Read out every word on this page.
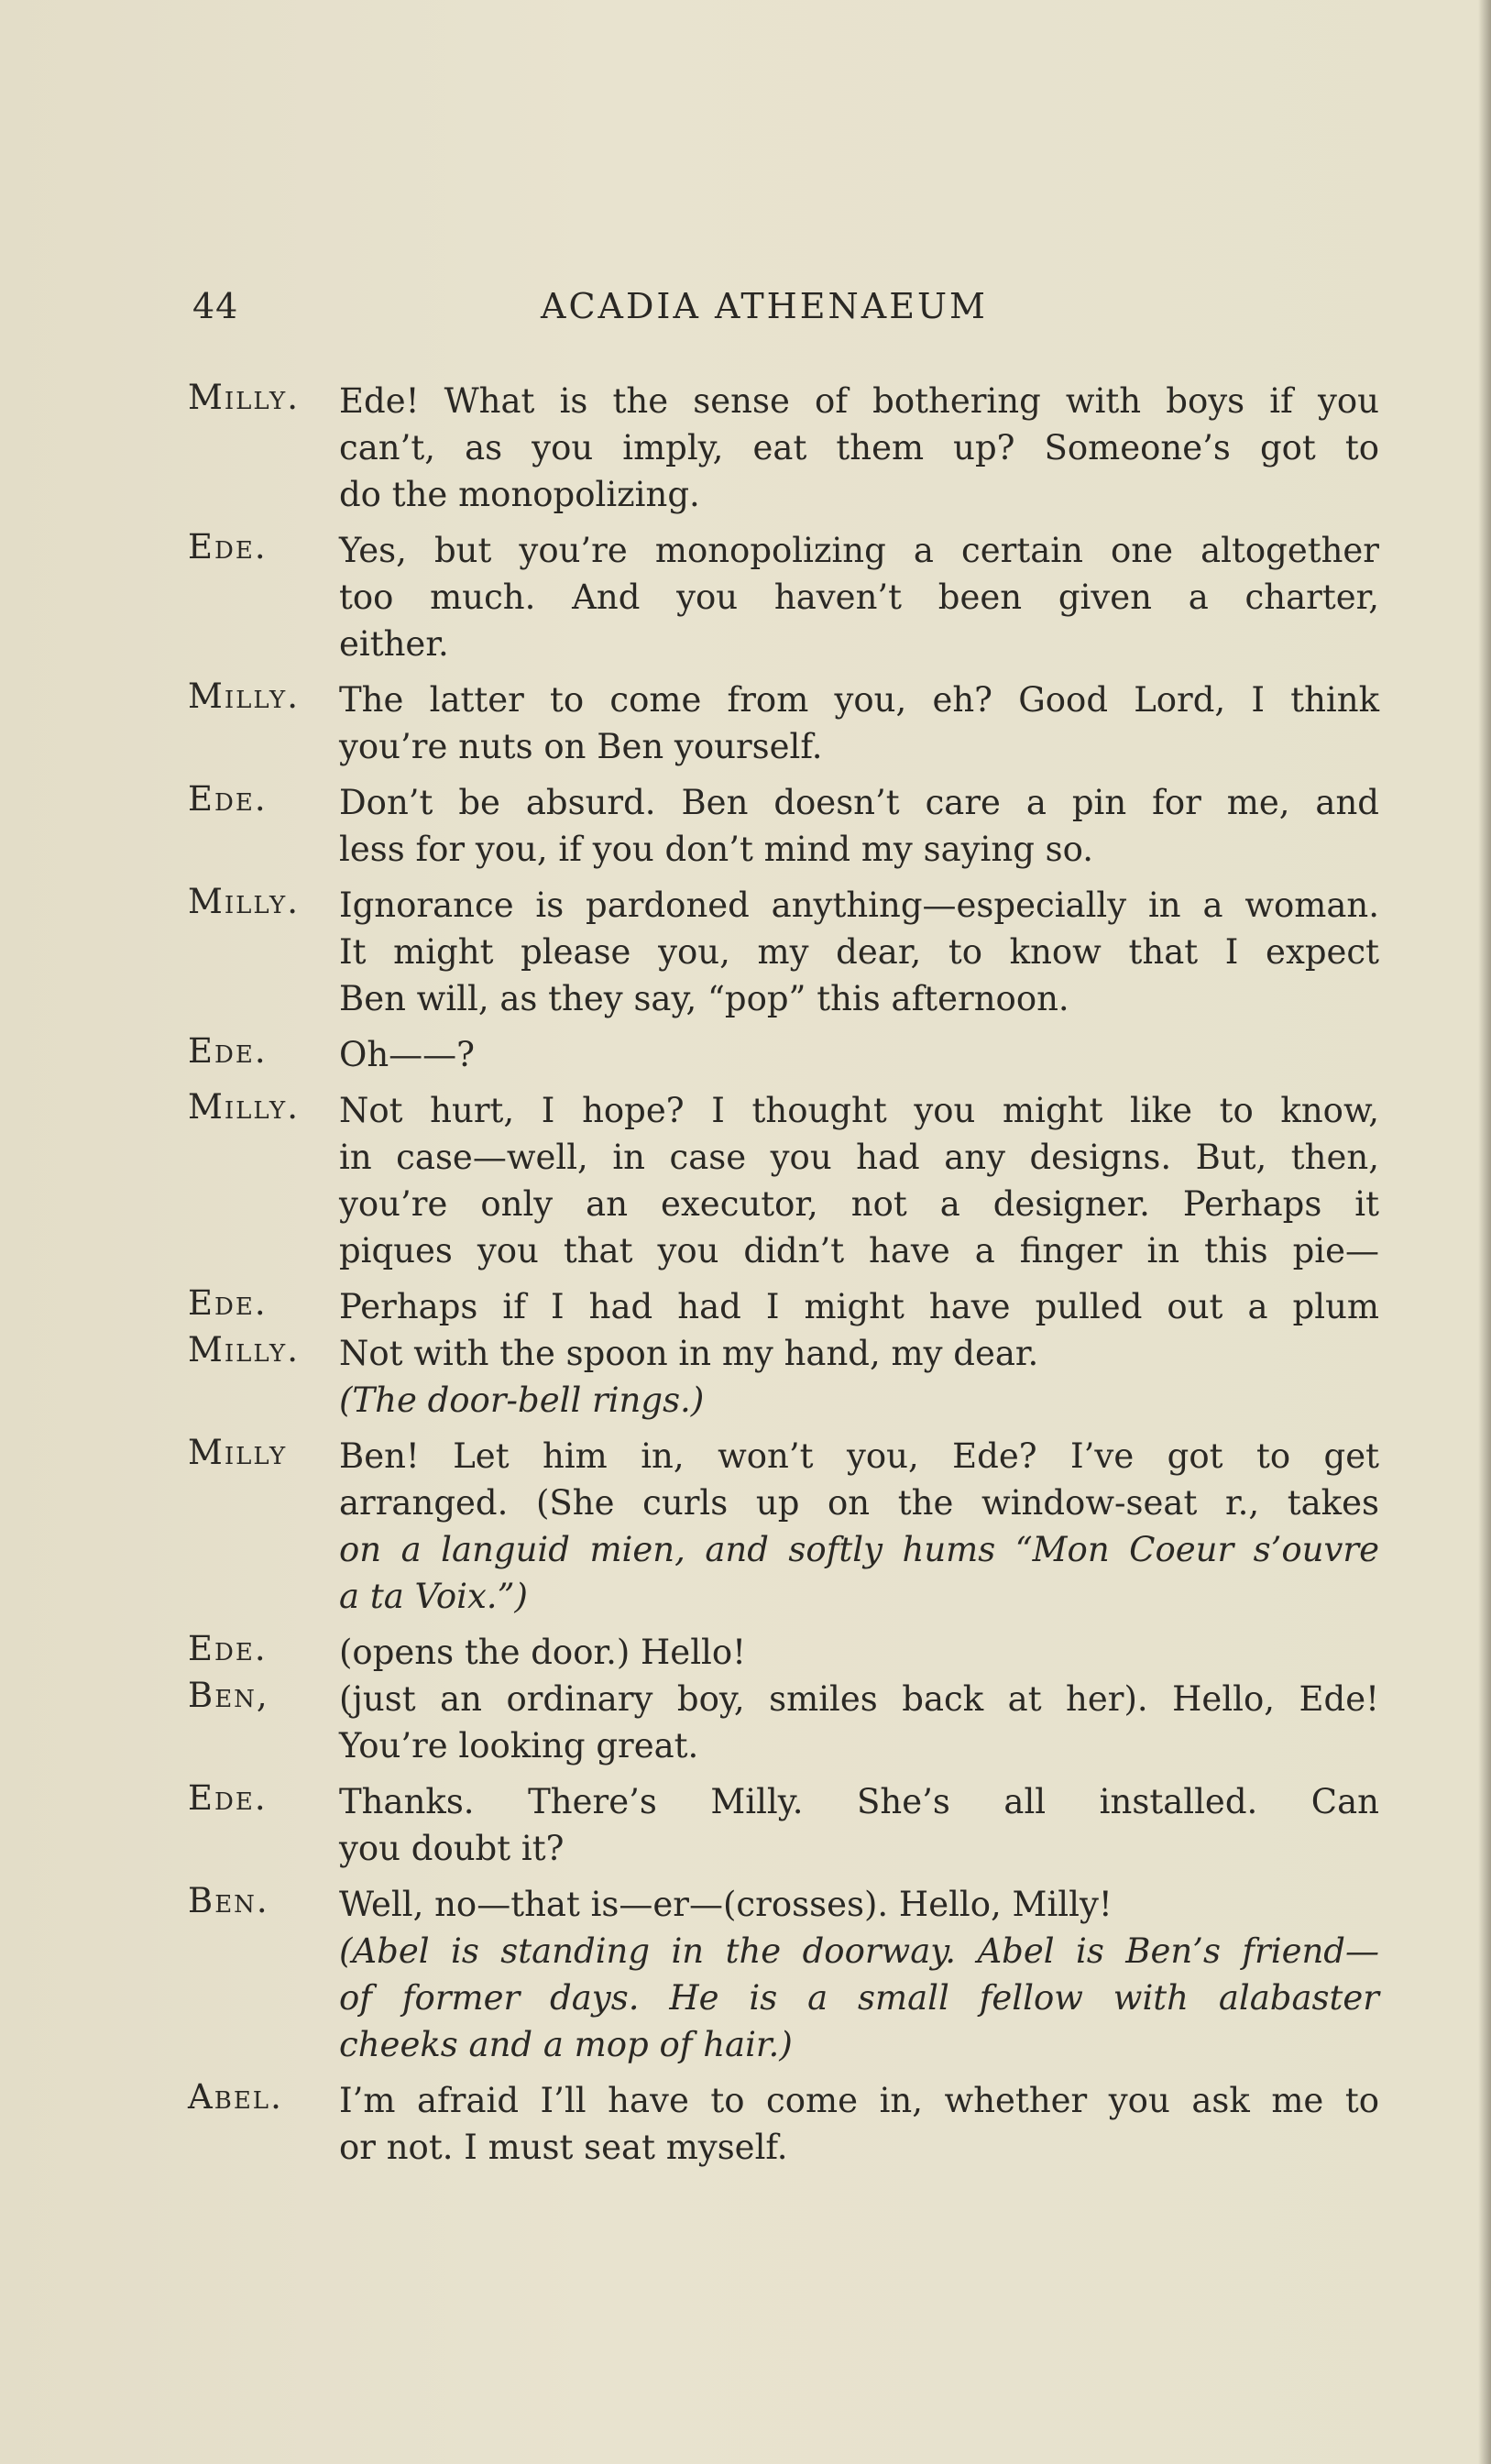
44	ACADIA ATHENAEUM
Milly. Ede! What is the sense of bothering with boys if you
can’t, as you imply, eat them up? Someone’s got to
do the monopolizing.
Ede. Yes, but you’re monopolizing a certain one altogether
too much. And you haven’t been given a charter,
either.
Milly. The latter to come from you, eh? Good Lord, I think
you’re nuts on Ben yourself.
Ede. Don’t be absurd. Ben doesn’t care a pin for me, and
less for you, if you don’t mind my saying so.
Milly. Ignorance is pardoned anything—especially in a woman.
It might please you, my dear, to know that I expect
Ben will, as they say, “pop” this afternoon.
Ede. Oh——?
Milly. Not hurt, I hope? I thought you might like to know,
in case—well, in case you had any designs. But, then,
you’re only an executor, not a designer. Perhaps it
piques you that you didn’t have a finger in this pie—
Ede. Perhaps if I had had I might have pulled out a plum
Milly. Not with the spoon in my hand, my dear.
(The door-bell rings.)
Milly Ben! Let him in, won’t you, Ede? I’ve got to get
arranged. (She curls up on the window-seat r., takes
on a languid mien, and softly hums “Mon Coeur s’ouvre
a ta Voix.”)
Ede. (opens the door.) Hello!
Ben, (just an ordinary boy, smiles back at her). Hello, Ede!
You’re looking great.
Ede. Thanks. There’s Milly. She’s all installed. Can
you doubt it?
Ben. Well, no—that is—er—(crosses). Hello, Milly!
(Abel is standing in the doorway. Abel is Ben’s friend—
of former days. He is a small fellow with alabaster
cheeks and a mop of hair.)
Abel. I’m afraid I’ll have to come in, whether you ask me to
or not. I must seat myself.
